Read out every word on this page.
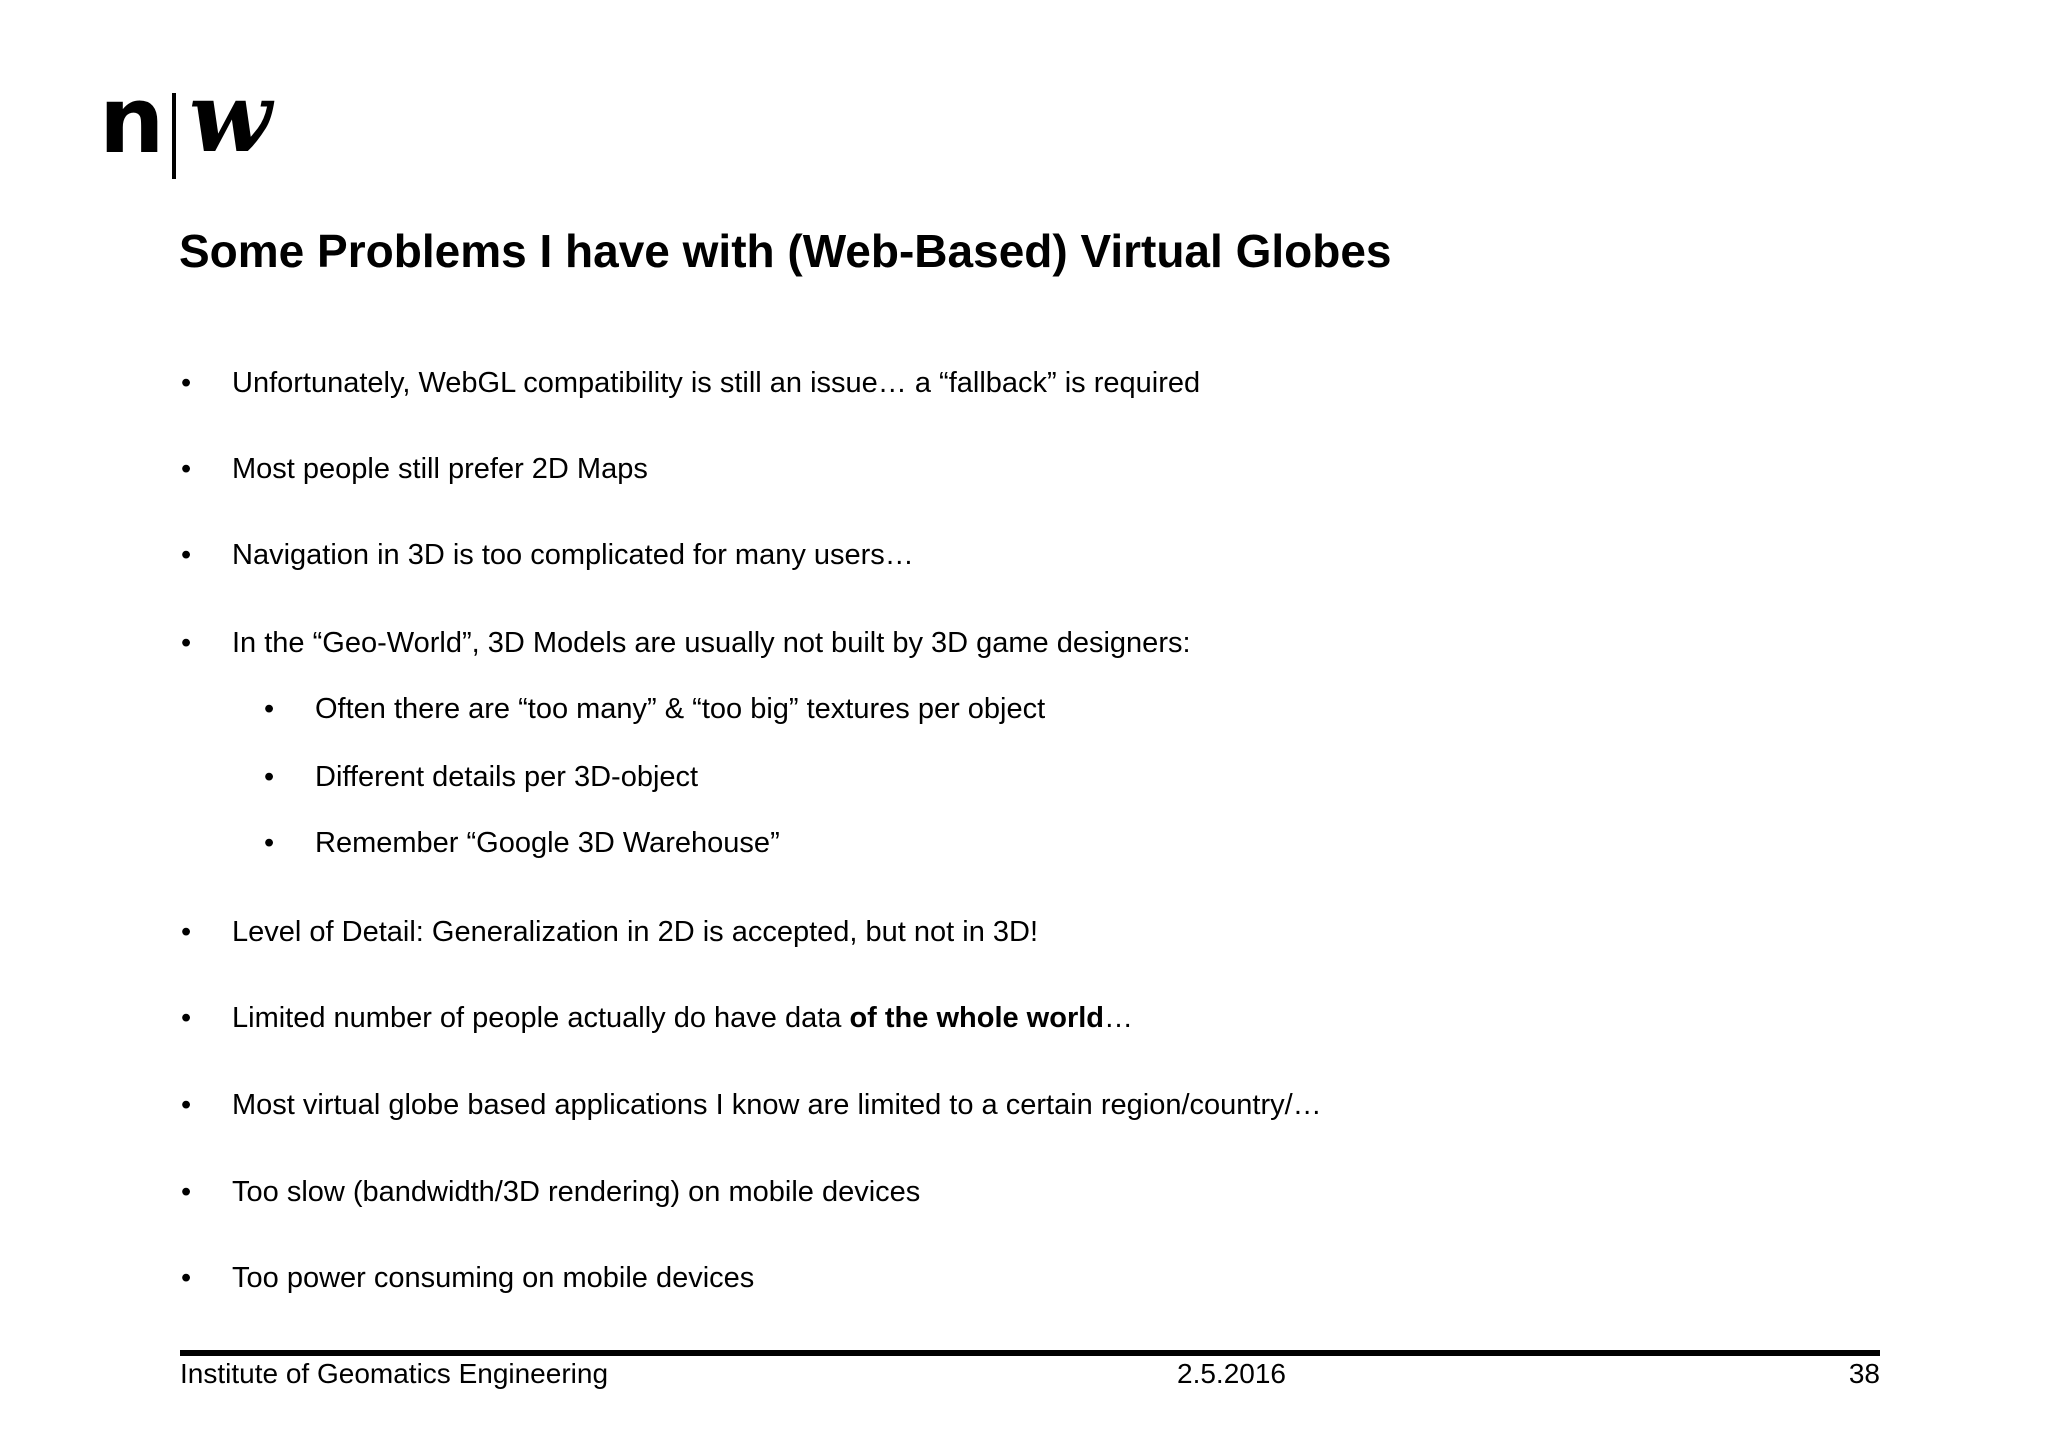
n w
Some Problems I have with (Web-Based) Virtual Globes
• Unfortunately, WebGL compatibility is still an issue… a “fallback” is required
• Most people still prefer 2D Maps
• Navigation in 3D is too complicated for many users…
• In the “Geo-World”, 3D Models are usually not built by 3D game designers:
• Often there are “too many” & “too big” textures per object
• Different details per 3D-object
• Remember “Google 3D Warehouse”
• Level of Detail: Generalization in 2D is accepted, but not in 3D!
• Limited number of people actually do have data of the whole world…
• Most virtual globe based applications I know are limited to a certain region/country/…
• Too slow (bandwidth/3D rendering) on mobile devices
• Too power consuming on mobile devices
Institute of Geomatics Engineering	2.5.2016	38
